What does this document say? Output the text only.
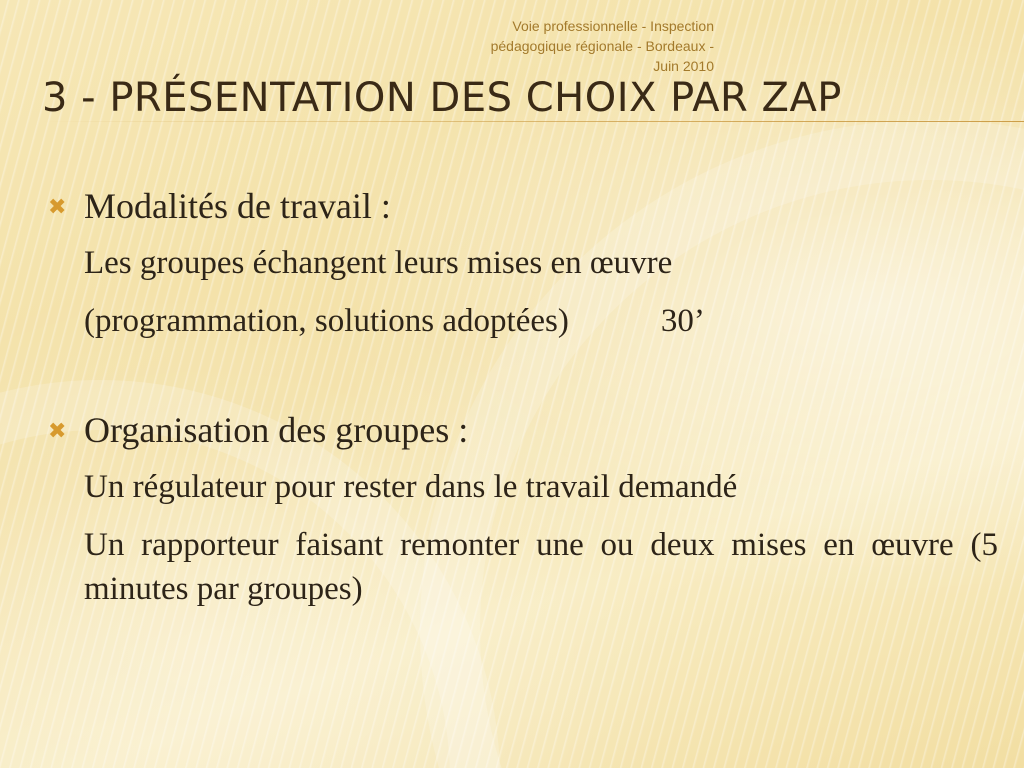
Voie professionnelle - Inspection
pédagogique régionale - Bordeaux -
Juin 2010
3 - PRÉSENTATION DES CHOIX PAR ZAP
✖ Modalités de travail :
Les groupes échangent leurs mises en œuvre
(programmation, solutions adoptées)	30’
✖ Organisation des groupes :
Un régulateur pour rester dans le travail demandé
Un rapporteur faisant remonter une ou deux mises en œuvre (5 minutes par groupes)
